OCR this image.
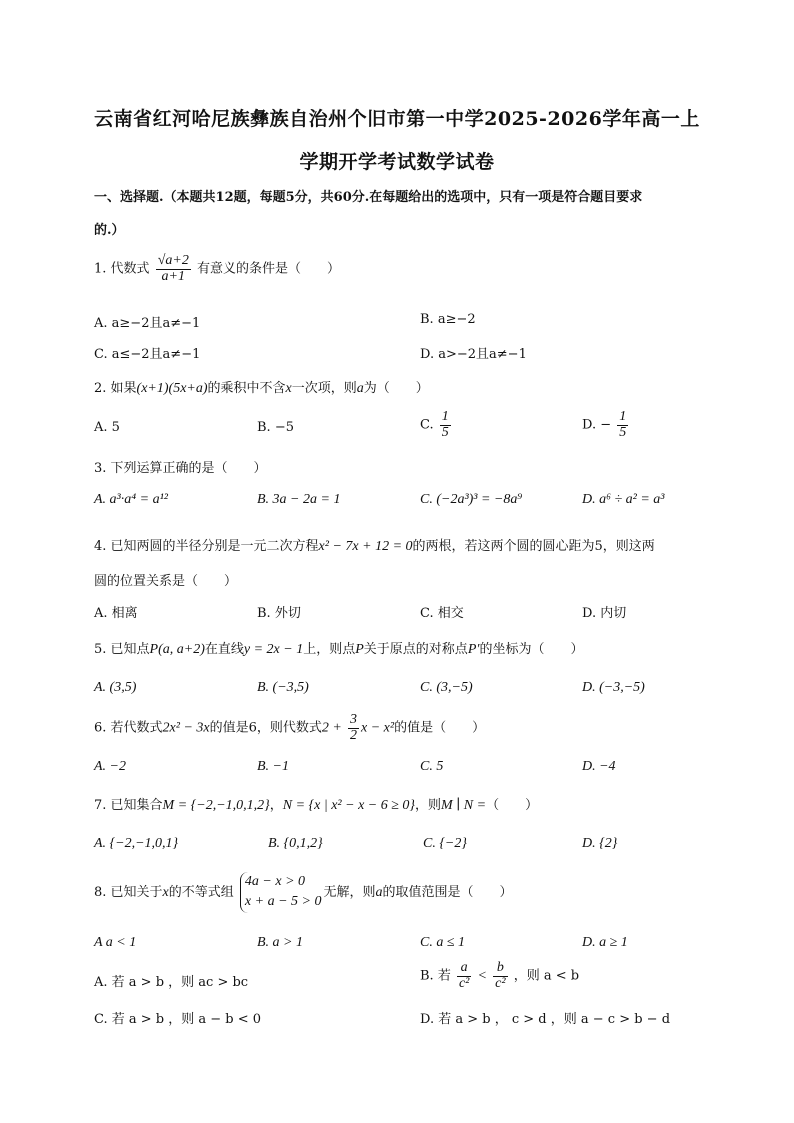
云南省红河哈尼族彝族自治州个旧市第一中学2025-2026学年高一上
学期开学考试数学试卷
一、选择题.（本题共12题，每题5分，共60分.在每题给出的选项中，只有一项是符合题目要求
的.）
1. 代数式 $\frac{√a+2}{a+1}$ 有意义的条件是（　　）
A. a≥−2且a≠−1	B. a≥−2
C. a≤−2且a≠−1	D. a>−2且a≠−1
2. 如果(x+1)(5x+a)的乘积中不含x一次项，则a为（　　）
A. 5	B. −5	C. $\frac{1}{5}$	D. − $\frac{1}{5}$
3. 下列运算正确的是（　　）
A. a³·a⁴ = a¹²	B. 3a − 2a = 1	C. (−2a³)³ = −8a⁹	D. a⁶ ÷ a² = a³
4. 已知两圆的半径分别是一元二次方程x² − 7x + 12 = 0的两根，若这两个圆的圆心距为5，则这两
圆的位置关系是（　　）
A. 相离	B. 外切	C. 相交	D. 内切
5. 已知点P(a, a+2)在直线y = 2x − 1上，则点P关于原点的对称点P′的坐标为（　　）
A. (3,5)	B. (−3,5)	C. (3,−5)	D. (−3,−5)
6. 若代数式2x² − 3x的值是6，则代数式$2 + \frac{3}{2}$ x − x²的值是（　　）
A. −2	B. −1	C. 5	D. −4
7. 已知集合M = {−2,−1,0,1,2}，N = {x | x² − x − 6 ≥ 0}，则M ∣ N =（　　）
A. {−2,−1,0,1}	B. {0,1,2}	C. {−2}	D. {2}
8. 已知关于x的不等式组
4a − x > 0
x + a − 5 > 0
无解，则a的取值范围是（　　）
A a < 1	B. a > 1	C. a ≤ 1	D. a ≥ 1
A. 若 a > b ，则 ac > bc	B. 若 $\frac{a}{\text{c²}} < \frac{b}{\text{c²}}$ ，则 a < b
C. 若 a > b ，则 a − b < 0	D. 若 a > b ， c > d ，则 a − c > b − d
